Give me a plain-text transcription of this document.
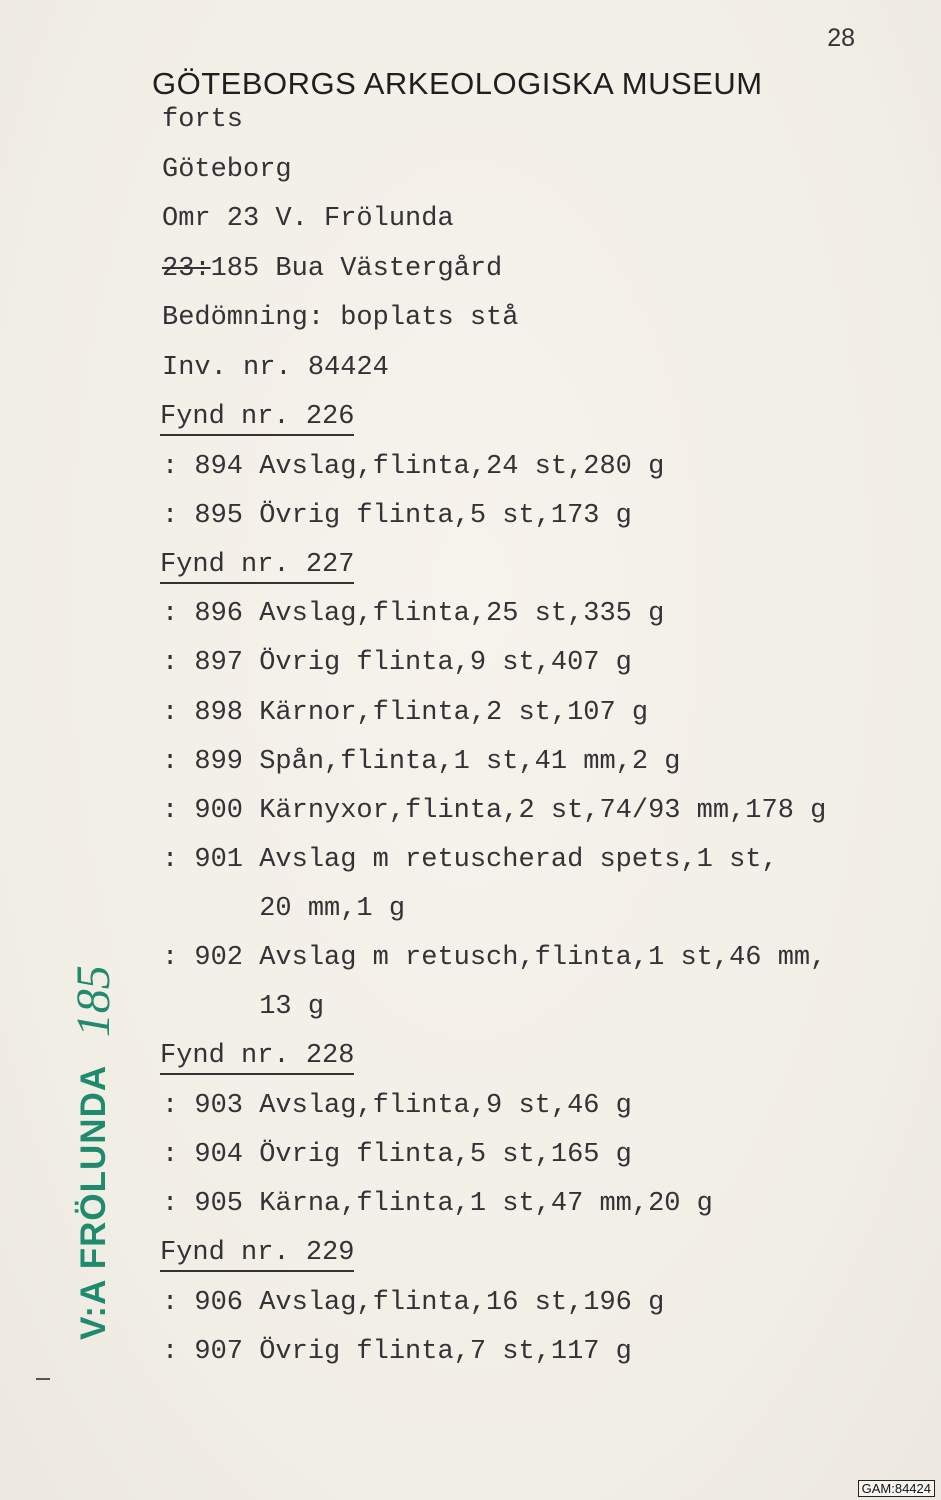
28
GÖTEBORGS ARKEOLOGISKA MUSEUM
forts
Göteborg
Omr 23 V. Frölunda
23:185 Bua Västergård
Bedömning: boplats stå
Inv. nr. 84424
Fynd nr. 226
: 894 Avslag,flinta,24 st,280 g
: 895 Övrig flinta,5 st,173 g
Fynd nr. 227
: 896 Avslag,flinta,25 st,335 g
: 897 Övrig flinta,9 st,407 g
: 898 Kärnor,flinta,2 st,107 g
: 899 Spån,flinta,1 st,41 mm,2 g
: 900 Kärnyxor,flinta,2 st,74/93 mm,178 g
: 901 Avslag m retuscherad spets,1 st,
20 mm,1 g
: 902 Avslag m retusch,flinta,1 st,46 mm,
13 g
Fynd nr. 228
: 903 Avslag,flinta,9 st,46 g
: 904 Övrig flinta,5 st,165 g
: 905 Kärna,flinta,1 st,47 mm,20 g
Fynd nr. 229
: 906 Avslag,flinta,16 st,196 g
: 907 Övrig flinta,7 st,117 g
V:A FRÖLUNDA 185
GAM:84424
